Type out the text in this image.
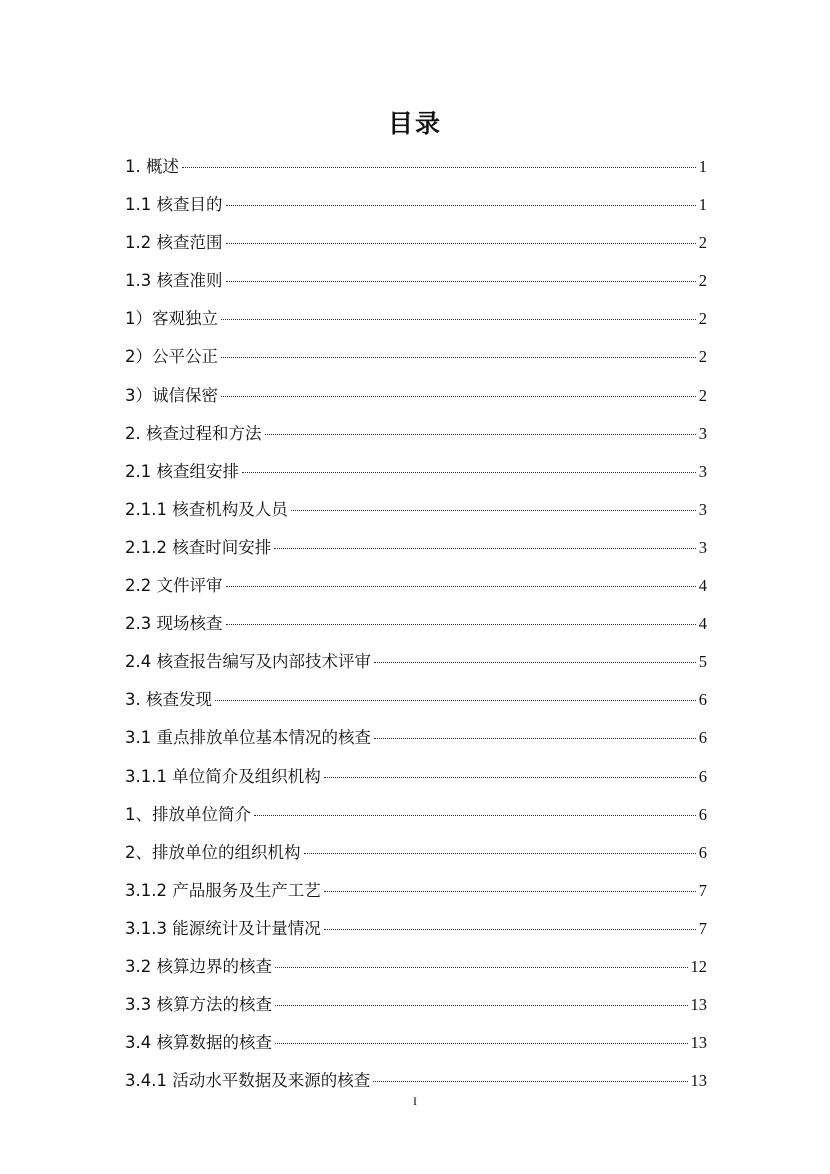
目录
1. 概述	1
1.1 核查目的	1
1.2 核查范围	2
1.3 核查准则	2
1）客观独立	2
2）公平公正	2
3）诚信保密	2
2. 核查过程和方法	3
2.1 核查组安排	3
2.1.1 核查机构及人员	3
2.1.2 核查时间安排	3
2.2 文件评审	4
2.3 现场核查	4
2.4 核查报告编写及内部技术评审	5
3. 核查发现	6
3.1 重点排放单位基本情况的核查	6
3.1.1 单位简介及组织机构	6
1、排放单位简介	6
2、排放单位的组织机构	6
3.1.2 产品服务及生产工艺	7
3.1.3 能源统计及计量情况	7
3.2 核算边界的核查	12
3.3 核算方法的核查	13
3.4 核算数据的核查	13
3.4.1 活动水平数据及来源的核查	13
I
